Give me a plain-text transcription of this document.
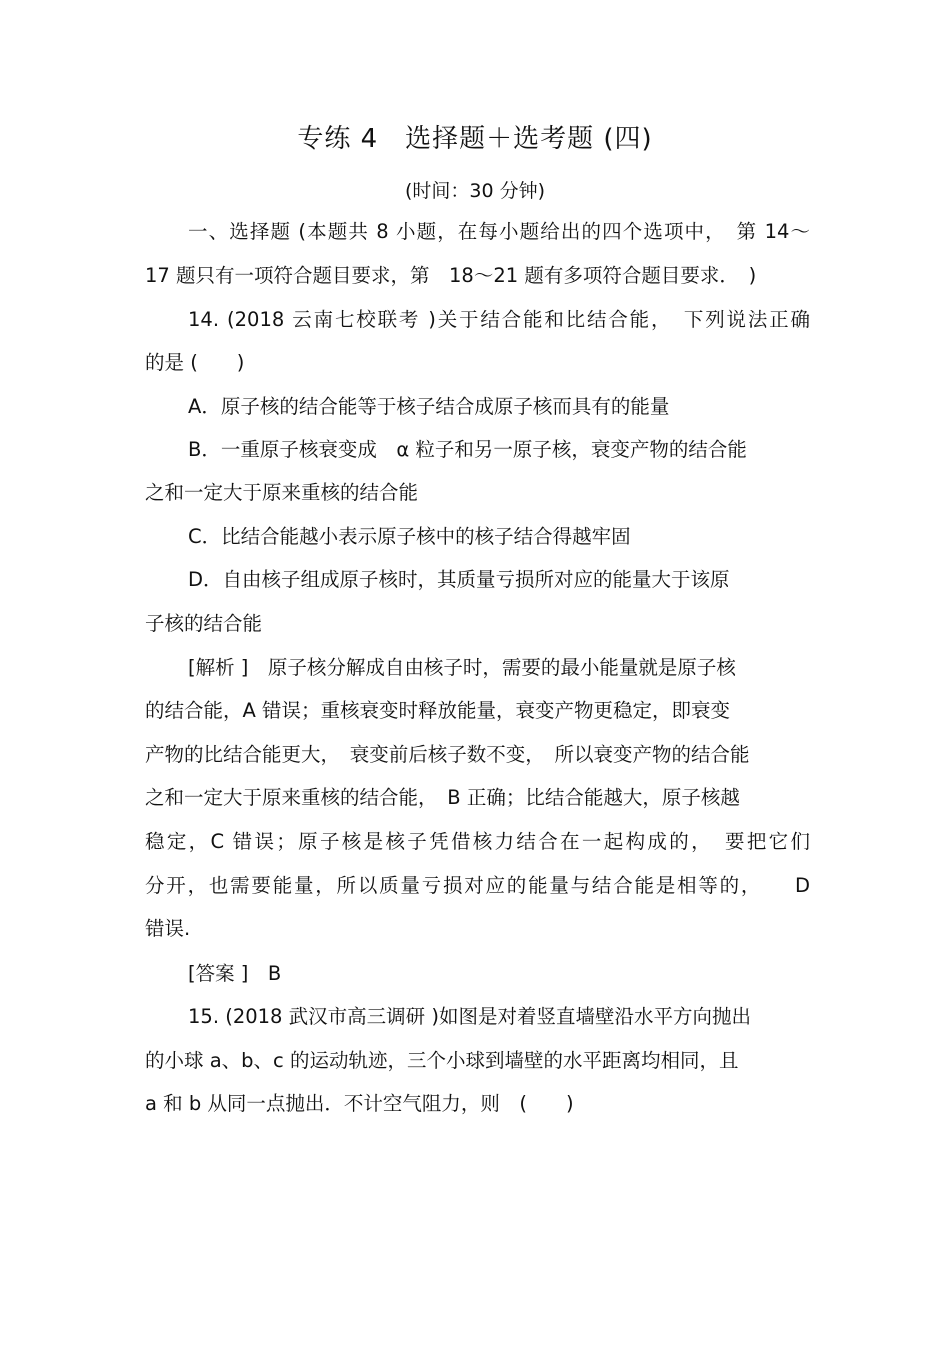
专练 4　选择题＋选考题 (四)
(时间：30 分钟)
一、选择题 (本题共 8 小题，在每小题给出的四个选项中，　第 14～
17 题只有一项符合题目要求，第　18～21 题有多项符合题目要求．　)
14. (2018 云南七校联考 )关于结合能和比结合能，　下列说法正确
的是 (　　)
A．原子核的结合能等于核子结合成原子核而具有的能量
B．一重原子核衰变成　α 粒子和另一原子核，衰变产物的结合能
之和一定大于原来重核的结合能
C．比结合能越小表示原子核中的核子结合得越牢固
D．自由核子组成原子核时，其质量亏损所对应的能量大于该原
子核的结合能
[解析 ]　原子核分解成自由核子时，需要的最小能量就是原子核
的结合能，A 错误；重核衰变时释放能量，衰变产物更稳定，即衰变
产物的比结合能更大，　衰变前后核子数不变，　所以衰变产物的结合能
之和一定大于原来重核的结合能，　B 正确；比结合能越大，原子核越
稳定，C 错误；原子核是核子凭借核力结合在一起构成的，　要把它们
分开，也需要能量，所以质量亏损对应的能量与结合能是相等的，　　D
错误.
[答案 ]　B
15. (2018 武汉市高三调研 )如图是对着竖直墙壁沿水平方向抛出
的小球 a、b、c 的运动轨迹，三个小球到墙壁的水平距离均相同，且
a 和 b 从同一点抛出．不计空气阻力，则　(　　)
